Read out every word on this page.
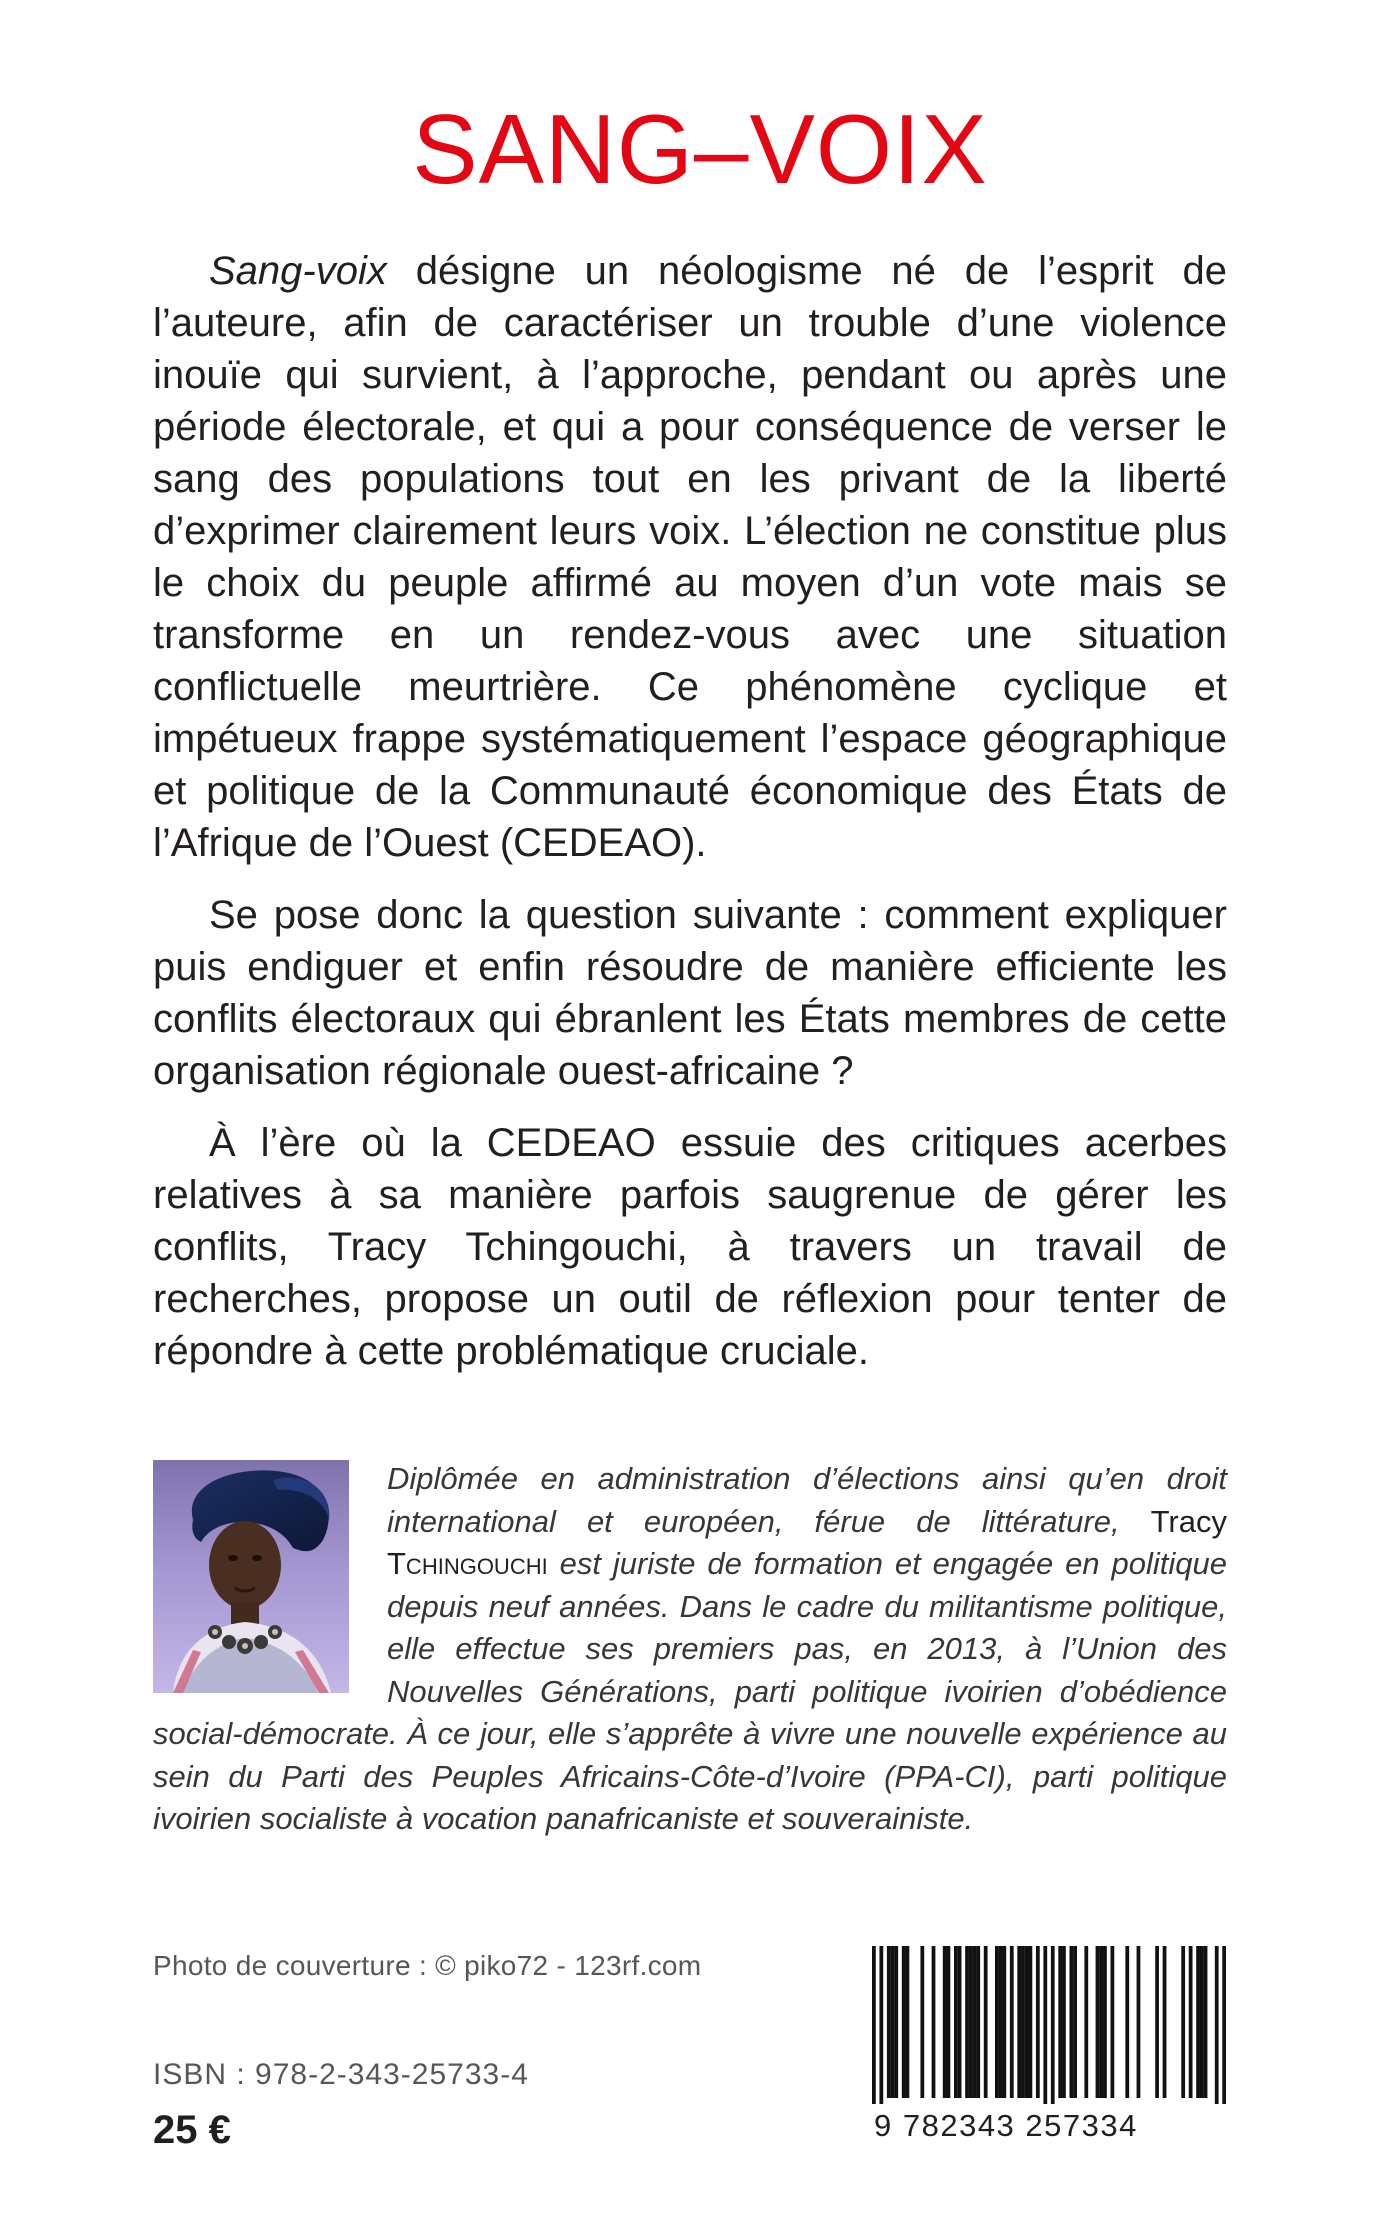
SANG–VOIX

Sang-voix désigne un néologisme né de l’esprit de l’auteure, afin de caractériser un trouble d’une violence inouïe qui survient, à l’approche, pendant ou après une période électorale, et qui a pour conséquence de verser le sang des populations tout en les privant de la liberté d’exprimer clairement leurs voix. L’élection ne constitue plus le choix du peuple affirmé au moyen d’un vote mais se transforme en un rendez-vous avec une situation conflictuelle meurtrière. Ce phénomène cyclique et impétueux frappe systématiquement l’espace géographique et politique de la Communauté économique des États de l’Afrique de l’Ouest (CEDEAO).

Se pose donc la question suivante : comment expliquer puis endiguer et enfin résoudre de manière efficiente les conflits électoraux qui ébranlent les États membres de cette organisation régionale ouest-africaine ?

À l’ère où la CEDEAO essuie des critiques acerbes relatives à sa manière parfois saugrenue de gérer les conflits, Tracy Tchingouchi, à travers un travail de recherches, propose un outil de réflexion pour tenter de répondre à cette problématique cruciale.

Diplômée en administration d’élections ainsi qu’en droit international et européen, férue de littérature, Tracy Tchingouchi est juriste de formation et engagée en politique depuis neuf années. Dans le cadre du militantisme politique, elle effectue ses premiers pas, en 2013, à l’Union des Nouvelles Générations, parti politique ivoirien d’obédience social-démocrate. À ce jour, elle s’apprête à vivre une nouvelle expérience au sein du Parti des Peuples Africains-Côte-d’Ivoire (PPA-CI), parti politique ivoirien socialiste à vocation panafricaniste et souverainiste.

Photo de couverture : © piko72 - 123rf.com
ISBN : 978-2-343-25733-4
25 €	9 782343 257334
